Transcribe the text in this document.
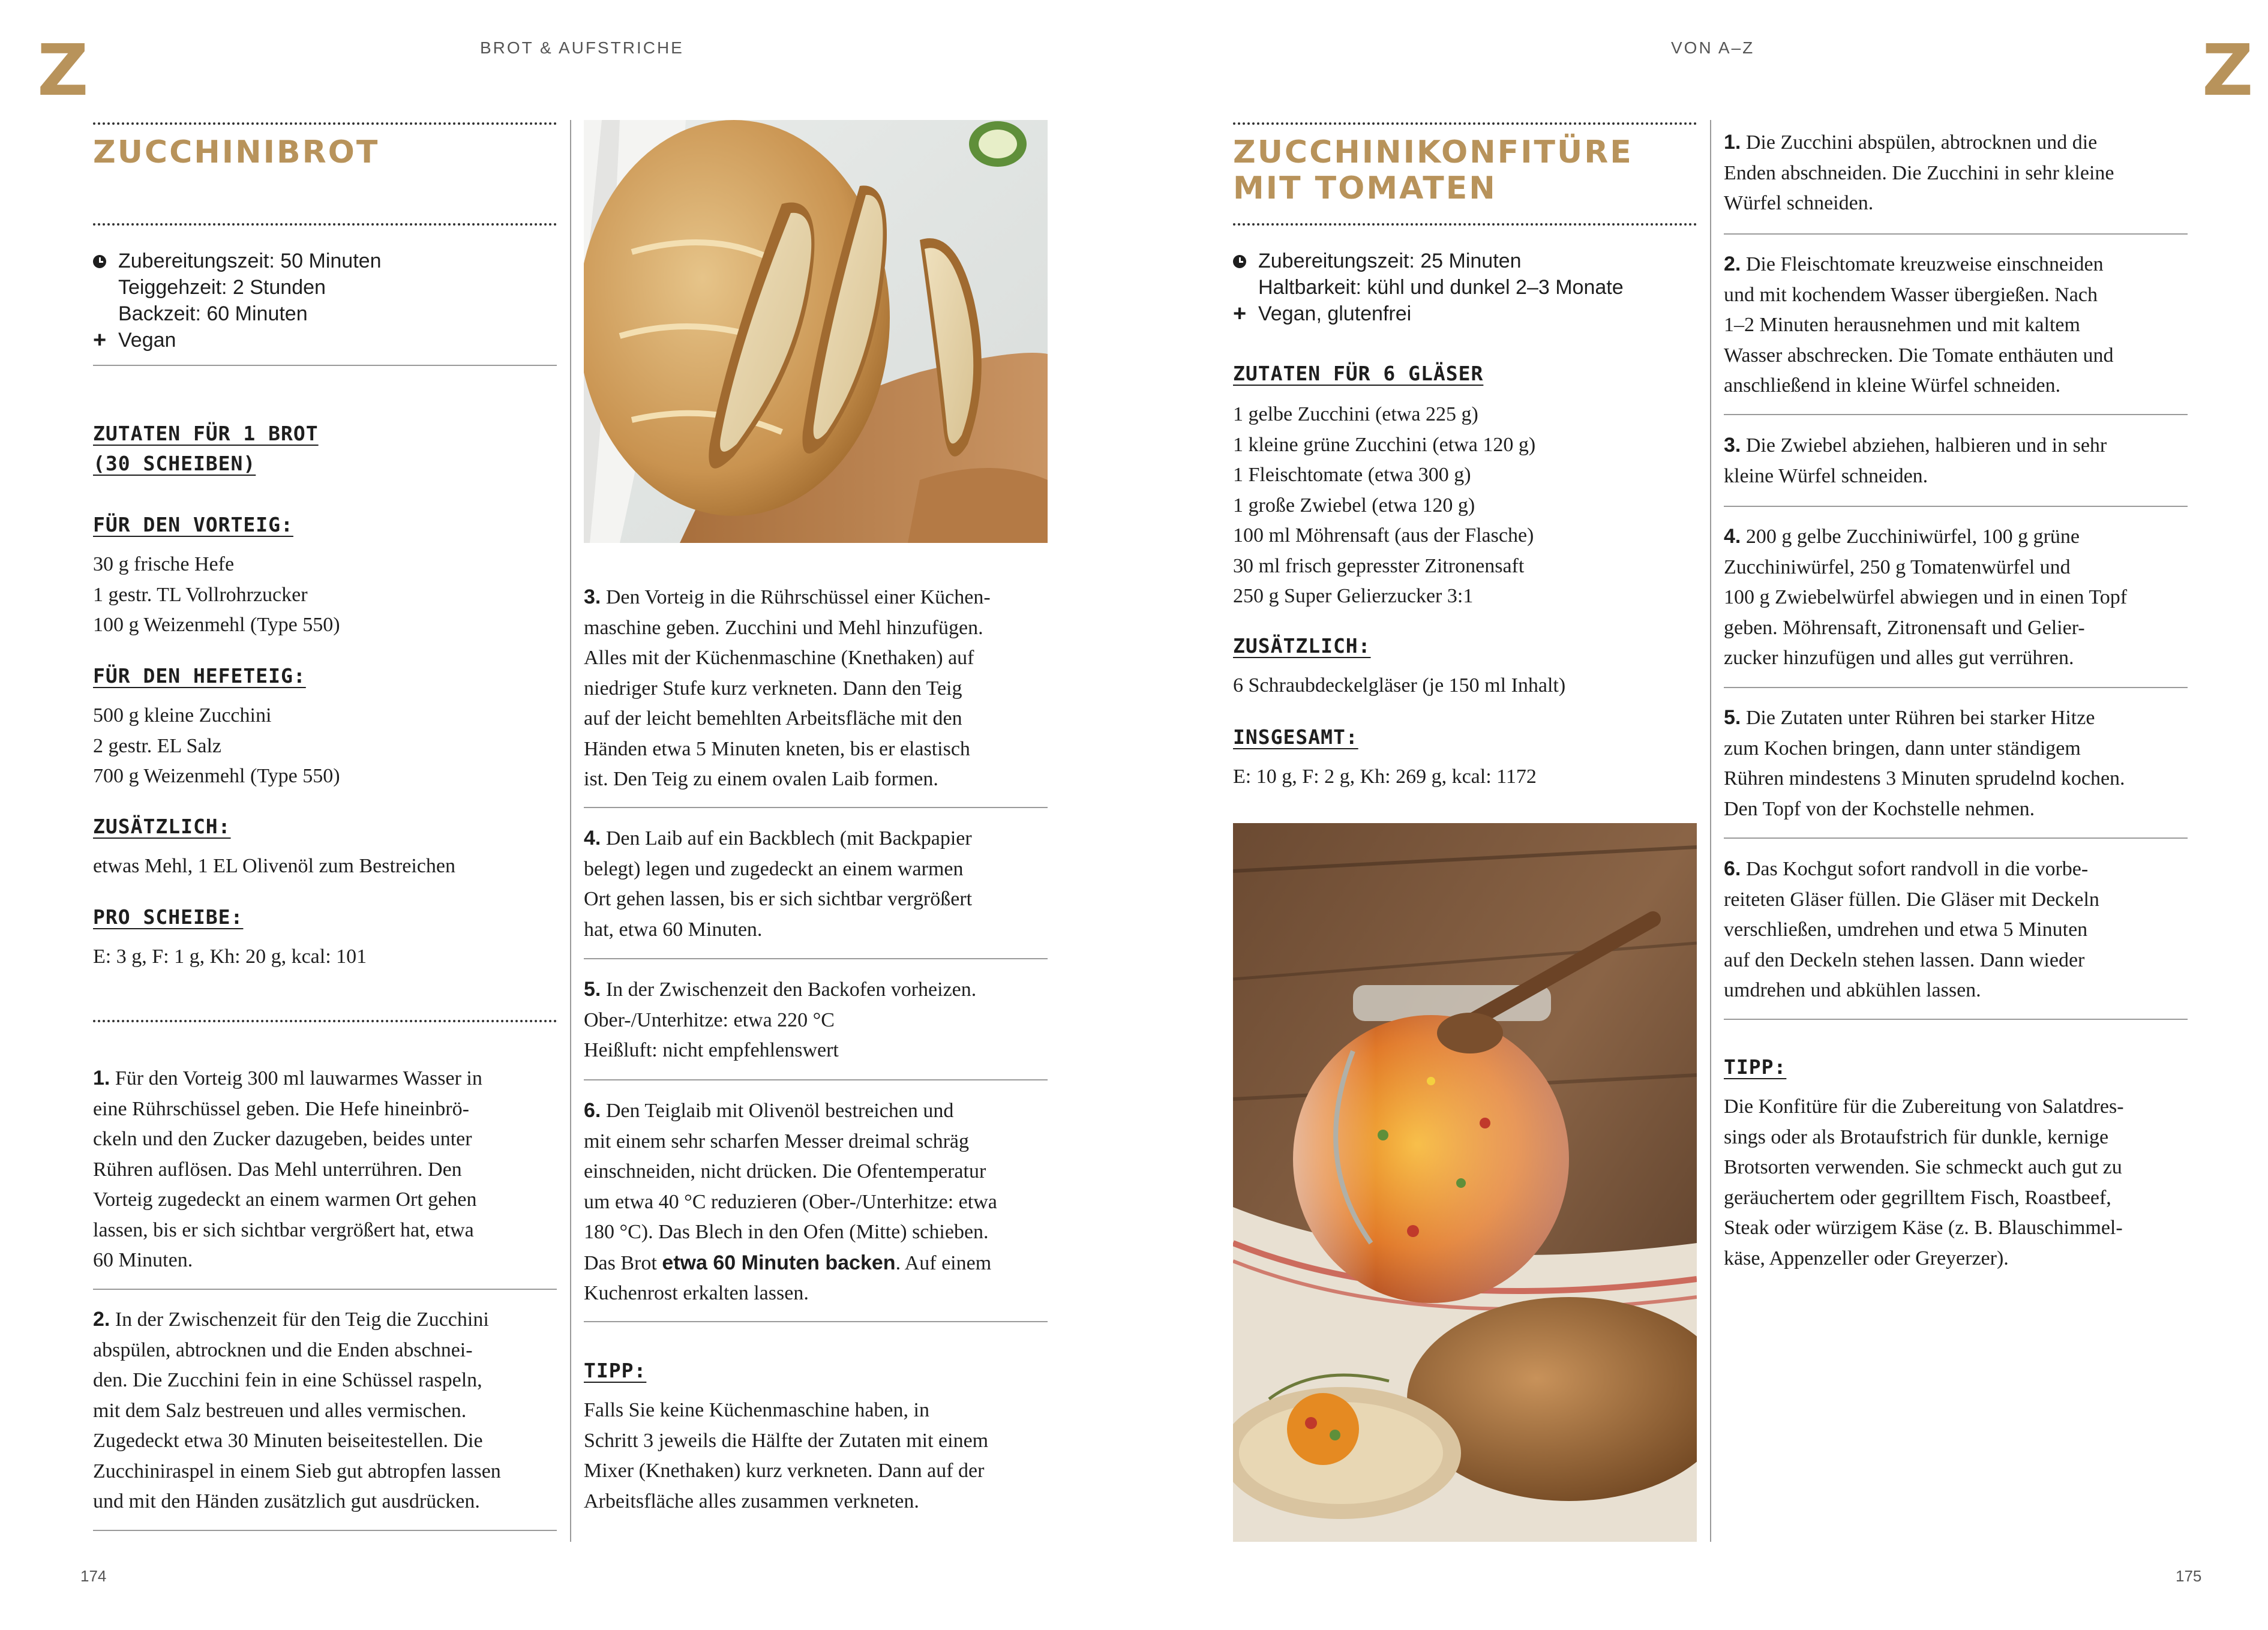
Z	BROT & AUFSTRICHE
174
ZUCCHINIBROT
Zubereitungszeit: 50 Minuten
Teiggehzeit: 2 Stunden
Backzeit: 60 Minuten
+ Vegan
ZUTATEN FÜR 1 BROT
(30 SCHEIBEN)
FÜR DEN VORTEIG:
30 g frische Hefe
1 gestr. TL Vollrohrzucker
100 g Weizenmehl (Type 550)
FÜR DEN HEFETEIG:
500 g kleine Zucchini
2 gestr. EL Salz
700 g Weizenmehl (Type 550)
ZUSÄTZLICH:
etwas Mehl, 1 EL Olivenöl zum Bestreichen
PRO SCHEIBE:
E: 3 g, F: 1 g, Kh: 20 g, kcal: 101
1. Für den Vorteig 300 ml lauwarmes Wasser in
eine Rührschüssel geben. Die Hefe hineinbrö-
ckeln und den Zucker dazugeben, beides unter
Rühren auflösen. Das Mehl unterrühren. Den
Vorteig zugedeckt an einem warmen Ort gehen
lassen, bis er sich sichtbar vergrößert hat, etwa
60 Minuten.
2. In der Zwischenzeit für den Teig die Zucchini
abspülen, abtrocknen und die Enden abschnei-
den. Die Zucchini fein in eine Schüssel raspeln,
mit dem Salz bestreuen und alles vermischen.
Zugedeckt etwa 30 Minuten beiseitestellen. Die
Zucchiniraspel in einem Sieb gut abtropfen lassen
und mit den Händen zusätzlich gut ausdrücken.
3. Den Vorteig in die Rührschüssel einer Küchen-
maschine geben. Zucchini und Mehl hinzufügen.
Alles mit der Küchenmaschine (Knethaken) auf
niedriger Stufe kurz verkneten. Dann den Teig
auf der leicht bemehlten Arbeitsfläche mit den
Händen etwa 5 Minuten kneten, bis er elastisch
ist. Den Teig zu einem ovalen Laib formen.
4. Den Laib auf ein Backblech (mit Backpapier
belegt) legen und zugedeckt an einem warmen
Ort gehen lassen, bis er sich sichtbar vergrößert
hat, etwa 60 Minuten.
5. In der Zwischenzeit den Backofen vorheizen.
Ober-/Unterhitze: etwa 220 °C
Heißluft: nicht empfehlenswert
6. Den Teiglaib mit Olivenöl bestreichen und
mit einem sehr scharfen Messer dreimal schräg
einschneiden, nicht drücken. Die Ofentemperatur
um etwa 40 °C reduzieren (Ober-/Unterhitze: etwa
180 °C). Das Blech in den Ofen (Mitte) schieben.
Das Brot etwa 60 Minuten backen. Auf einem
Kuchenrost erkalten lassen.
TIPP:
Falls Sie keine Küchenmaschine haben, in
Schritt 3 jeweils die Hälfte der Zutaten mit einem
Mixer (Knethaken) kurz verkneten. Dann auf der
Arbeitsfläche alles zusammen verkneten.
Z
VON A–Z
175
ZUCCHINIKONFITÜRE
MIT TOMATEN
Zubereitungszeit: 25 Minuten
Haltbarkeit: kühl und dunkel 2–3 Monate
+ Vegan, glutenfrei
ZUTATEN FÜR 6 GLÄSER
1 gelbe Zucchini (etwa 225 g)
1 kleine grüne Zucchini (etwa 120 g)
1 Fleischtomate (etwa 300 g)
1 große Zwiebel (etwa 120 g)
100 ml Möhrensaft (aus der Flasche)
30 ml frisch gepresster Zitronensaft
250 g Super Gelierzucker 3:1
ZUSÄTZLICH:
6 Schraubdeckelgläser (je 150 ml Inhalt)
INSGESAMT:
E: 10 g, F: 2 g, Kh: 269 g, kcal: 1172
1. Die Zucchini abspülen, abtrocknen und die
Enden abschneiden. Die Zucchini in sehr kleine
Würfel schneiden.
2. Die Fleischtomate kreuzweise einschneiden
und mit kochendem Wasser übergießen. Nach
1–2 Minuten herausnehmen und mit kaltem
Wasser abschrecken. Die Tomate enthäuten und
anschließend in kleine Würfel schneiden.
3. Die Zwiebel abziehen, halbieren und in sehr
kleine Würfel schneiden.
4. 200 g gelbe Zucchiniwürfel, 100 g grüne
Zucchiniwürfel, 250 g Tomatenwürfel und
100 g Zwiebelwürfel abwiegen und in einen Topf
geben. Möhrensaft, Zitronensaft und Gelier-
zucker hinzufügen und alles gut verrühren.
5. Die Zutaten unter Rühren bei starker Hitze
zum Kochen bringen, dann unter ständigem
Rühren mindestens 3 Minuten sprudelnd kochen.
Den Topf von der Kochstelle nehmen.
6. Das Kochgut sofort randvoll in die vorbe-
reiteten Gläser füllen. Die Gläser mit Deckeln
verschließen, umdrehen und etwa 5 Minuten
auf den Deckeln stehen lassen. Dann wieder
umdrehen und abkühlen lassen.
TIPP:
Die Konfitüre für die Zubereitung von Salatdres-
sings oder als Brotaufstrich für dunkle, kernige
Brotsorten verwenden. Sie schmeckt auch gut zu
geräuchertem oder gegrilltem Fisch, Roastbeef,
Steak oder würzigem Käse (z. B. Blauschimmel-
käse, Appenzeller oder Greyerzer).
